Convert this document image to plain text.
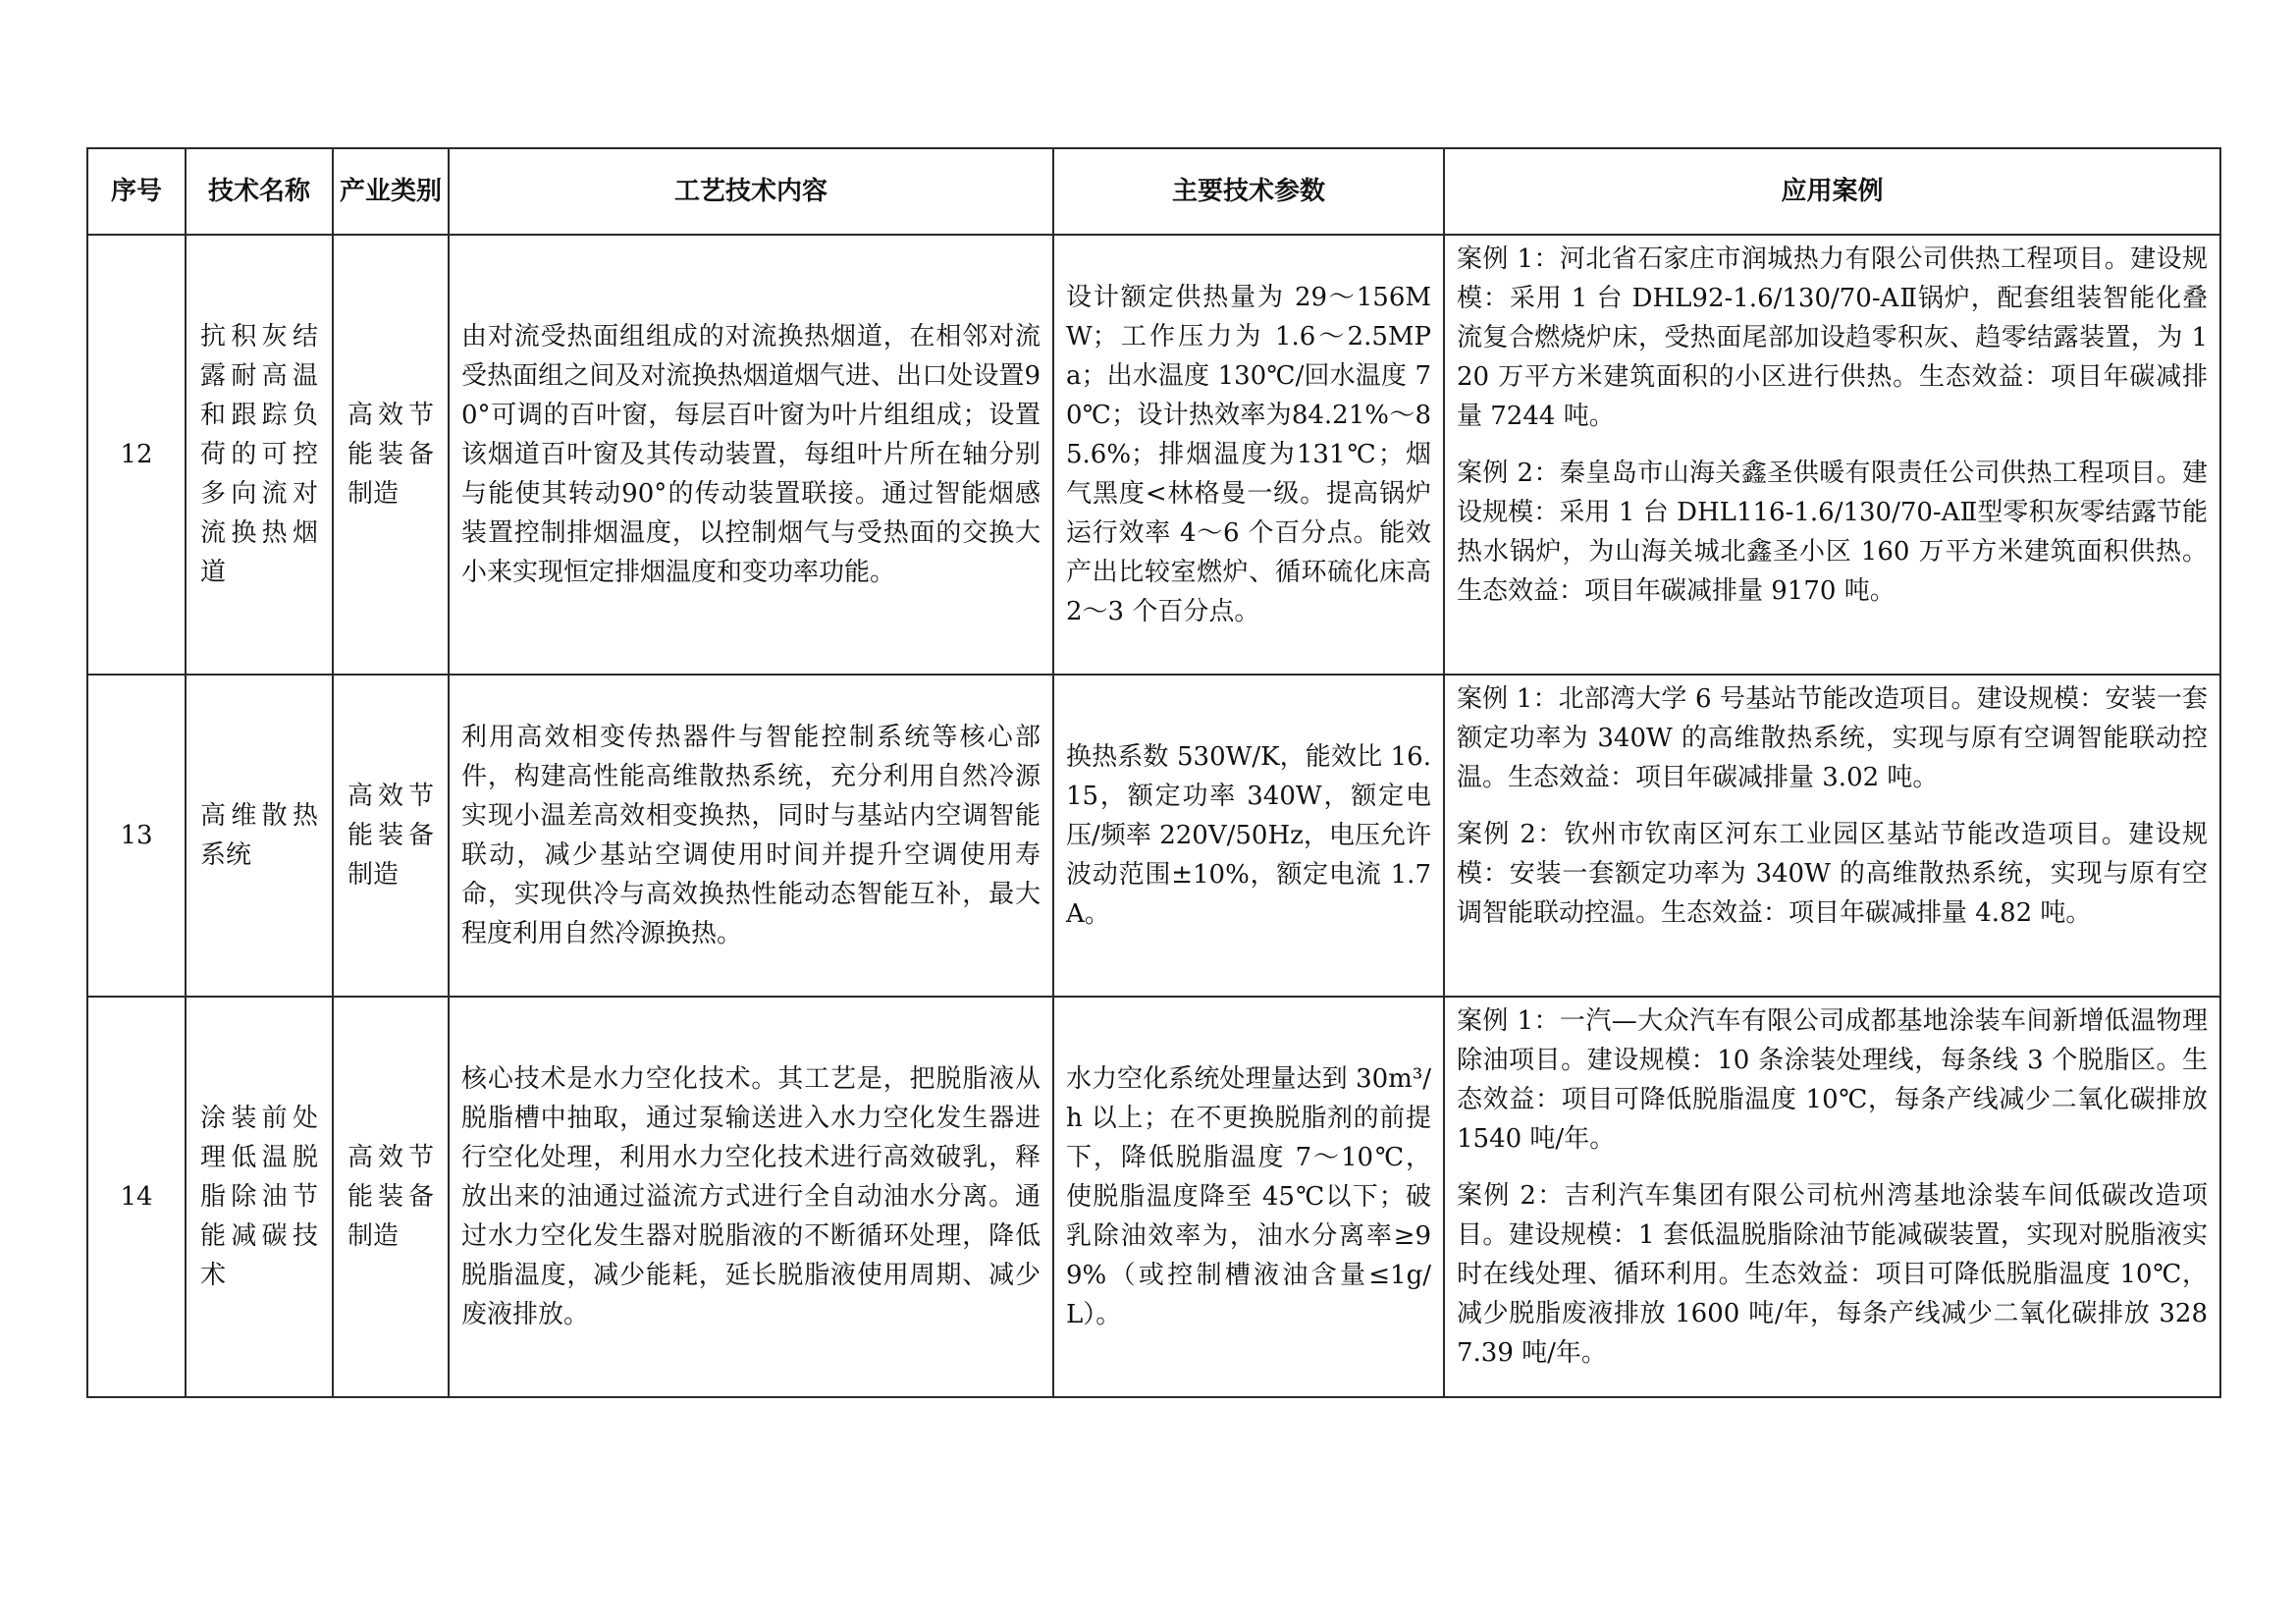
序号	技术名称	产业类别	工艺技术内容	主要技术参数	应用案例
12	抗积灰结露耐高温和跟踪负荷的可控多向流对流换热烟道	高效节能装备制造	由对流受热面组组成的对流换热烟道，在相邻对流受热面组之间及对流换热烟道烟气进、出口处设置90°可调的百叶窗，每层百叶窗为叶片组组成；设置该烟道百叶窗及其传动装置，每组叶片所在轴分别与能使其转动90°的传动装置联接。通过智能烟感装置控制排烟温度，以控制烟气与受热面的交换大小来实现恒定排烟温度和变功率功能。	设计额定供热量为 29～156MW；工作压力为 1.6～2.5MPa；出水温度 130℃/回水温度 70℃；设计热效率为84.21%～85.6%；排烟温度为131℃；烟气黑度<林格曼一级。提高锅炉运行效率 4～6 个百分点。能效产出比较室燃炉、循环硫化床高 2～3 个百分点。	案例 1：河北省石家庄市润城热力有限公司供热工程项目。建设规模：采用 1 台 DHL92-1.6/130/70-AⅡ锅炉，配套组装智能化叠流复合燃烧炉床，受热面尾部加设趋零积灰、趋零结露装置，为 120 万平方米建筑面积的小区进行供热。生态效益：项目年碳减排量 7244 吨。

案例 2：秦皇岛市山海关鑫圣供暖有限责任公司供热工程项目。建设规模：采用 1 台 DHL116-1.6/130/70-AⅡ型零积灰零结露节能热水锅炉，为山海关城北鑫圣小区 160 万平方米建筑面积供热。生态效益：项目年碳减排量 9170 吨。

13	高维散热系统	高效节能装备制造	利用高效相变传热器件与智能控制系统等核心部件，构建高性能高维散热系统，充分利用自然冷源实现小温差高效相变换热，同时与基站内空调智能联动，减少基站空调使用时间并提升空调使用寿命，实现供冷与高效换热性能动态智能互补，最大程度利用自然冷源换热。	换热系数 530W/K，能效比 16.15，额定功率 340W，额定电压/频率 220V/50Hz，电压允许波动范围±10%，额定电流 1.7A。	案例 1：北部湾大学 6 号基站节能改造项目。建设规模：安装一套额定功率为 340W 的高维散热系统，实现与原有空调智能联动控温。生态效益：项目年碳减排量 3.02 吨。

案例 2：钦州市钦南区河东工业园区基站节能改造项目。建设规模：安装一套额定功率为 340W 的高维散热系统，实现与原有空调智能联动控温。生态效益：项目年碳减排量 4.82 吨。

14	涂装前处理低温脱脂除油节能减碳技术	高效节能装备制造	核心技术是水力空化技术。其工艺是，把脱脂液从脱脂槽中抽取，通过泵输送进入水力空化发生器进行空化处理，利用水力空化技术进行高效破乳，释放出来的油通过溢流方式进行全自动油水分离。通过水力空化发生器对脱脂液的不断循环处理，降低脱脂温度，减少能耗，延长脱脂液使用周期、减少废液排放。	水力空化系统处理量达到 30m³/h 以上；在不更换脱脂剂的前提下，降低脱脂温度 7～10℃，使脱脂温度降至 45℃以下；破乳除油效率为，油水分离率≥99%（或控制槽液油含量≤1g/L）。	案例 1：一汽—大众汽车有限公司成都基地涂装车间新增低温物理除油项目。建设规模：10 条涂装处理线，每条线 3 个脱脂区。生态效益：项目可降低脱脂温度 10℃，每条产线减少二氧化碳排放 1540 吨/年。

案例 2：吉利汽车集团有限公司杭州湾基地涂装车间低碳改造项目。建设规模：1 套低温脱脂除油节能减碳装置，实现对脱脂液实时在线处理、循环利用。生态效益：项目可降低脱脂温度 10℃，减少脱脂废液排放 1600 吨/年，每条产线减少二氧化碳排放 3287.39 吨/年。
